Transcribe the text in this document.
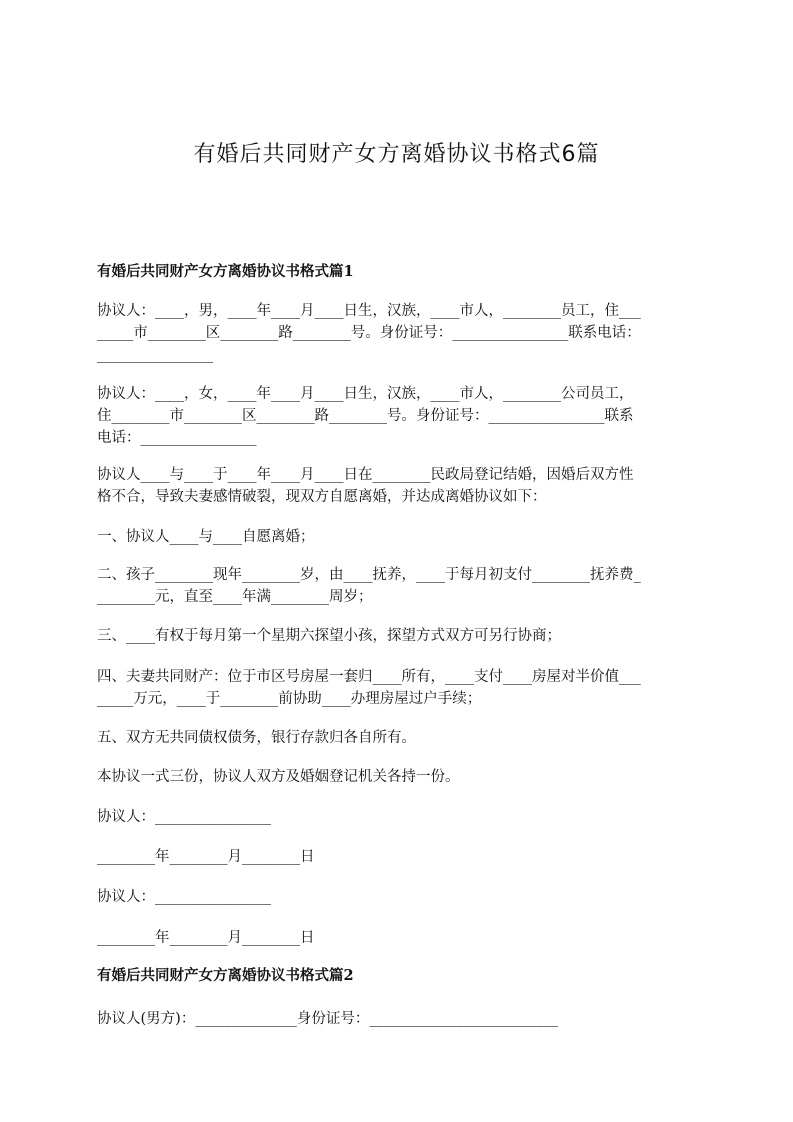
有婚后共同财产女方离婚协议书格式6篇
有婚后共同财产女方离婚协议书格式篇1
协议人：____，男，____年____月____日生，汉族，____市人，________员工，住___
_____市________区________路________号。身份证号：________________联系电话：
________________
协议人：____，女，____年____月____日生，汉族，____市人，________公司员工，
住________市________区________路________号。身份证号：________________联系
电话：________________
协议人____与____于____年____月____日在________民政局登记结婚，因婚后双方性
格不合，导致夫妻感情破裂，现双方自愿离婚，并达成离婚协议如下：
一、协议人____与____自愿离婚；
二、孩子________现年________岁，由____抚养，____于每月初支付________抚养费_
________元，直至____年满________周岁；
三、____有权于每月第一个星期六探望小孩，探望方式双方可另行协商；
四、夫妻共同财产：位于市区号房屋一套归____所有，____支付____房屋对半价值___
_____万元，____于________前协助____办理房屋过户手续；
五、双方无共同债权债务，银行存款归各自所有。
本协议一式三份，协议人双方及婚姻登记机关各持一份。
协议人：________________
________年________月________日
协议人：________________
________年________月________日
有婚后共同财产女方离婚协议书格式篇2
协议人(男方)：______________身份证号：__________________________
